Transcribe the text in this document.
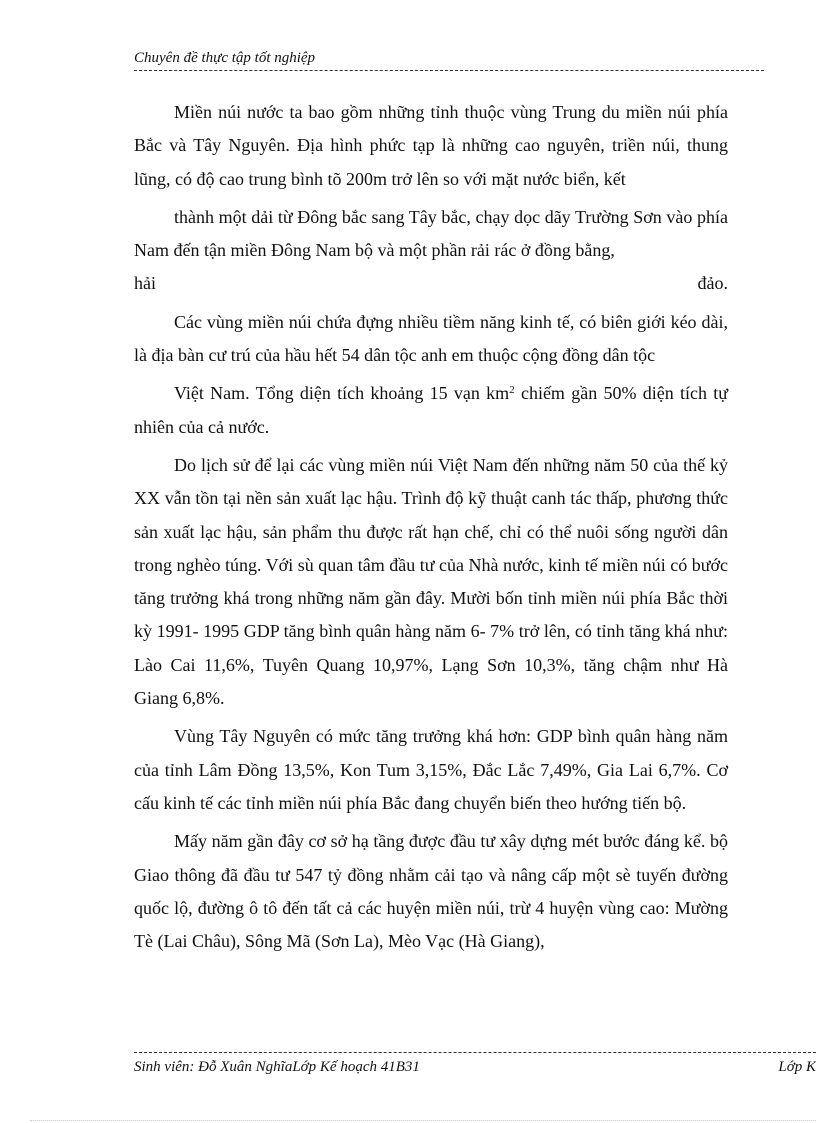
Chuyên đề thực tập tốt nghiệp

Miền núi nước ta bao gồm những tỉnh thuộc vùng Trung du miền núi phía Bắc và Tây Nguyên. Địa hình phức tạp là những cao nguyên, triền núi, thung lũng, có độ cao trung bình tõ 200m trở lên so với mặt nước biển, kết

thành một dải từ Đông bắc sang Tây bắc, chạy dọc dãy Trường Sơn vào phía Nam đến tận miền Đông Nam bộ và một phần rải rác ở đồng bằng,

hải	đảo.

Các vùng miền núi chứa đựng nhiều tiềm năng kinh tế, có biên giới kéo dài, là địa bàn cư trú của hầu hết 54 dân tộc anh em thuộc cộng đồng dân tộc

Việt Nam. Tổng diện tích khoảng 15 vạn $km^2$ chiếm gần 50% diện tích tự nhiên của cả nước.

Do lịch sử để lại các vùng miền núi Việt Nam đến những năm 50 của thế kỷ XX vẫn tồn tại nền sản xuất lạc hậu. Trình độ kỹ thuật canh tác thấp, phương thức sản xuất lạc hậu, sản phẩm thu được rất hạn chế, chỉ có thể nuôi sống người dân trong nghèo túng. Với sù quan tâm đầu tư của Nhà nước, kinh tế miền núi có bước tăng trưởng khá trong những năm gần đây. Mười bốn tỉnh miền núi phía Bắc thời kỳ 1991- 1995 GDP tăng bình quân hàng năm 6- 7% trở lên, có tỉnh tăng khá như: Lào Cai 11,6%, Tuyên Quang 10,97%, Lạng Sơn 10,3%, tăng chậm như Hà Giang 6,8%.

Vùng Tây Nguyên có mức tăng trưởng khá hơn: GDP bình quân hàng năm của tỉnh Lâm Đồng 13,5%, Kon Tum 3,15%, Đắc Lắc 7,49%, Gia Lai 6,7%. Cơ cấu kinh tế các tỉnh miền núi phía Bắc đang chuyển biến theo hướng tiến bộ.

Mấy năm gần đây cơ sở hạ tầng được đầu tư xây dựng mét bước đáng kể. bộ Giao thông đã đầu tư 547 tỷ đồng nhằm cải tạo và nâng cấp một sè tuyến đường quốc lộ, đường ô tô đến tất cả các huyện miền núi, trừ 4 huyện vùng cao: Mường Tè (Lai Châu), Sông Mã (Sơn La), Mèo Vạc (Hà Giang),

Sinh viên: Đỗ Xuân NghĩaLớp Kế hoạch 41B31	Lớp K
